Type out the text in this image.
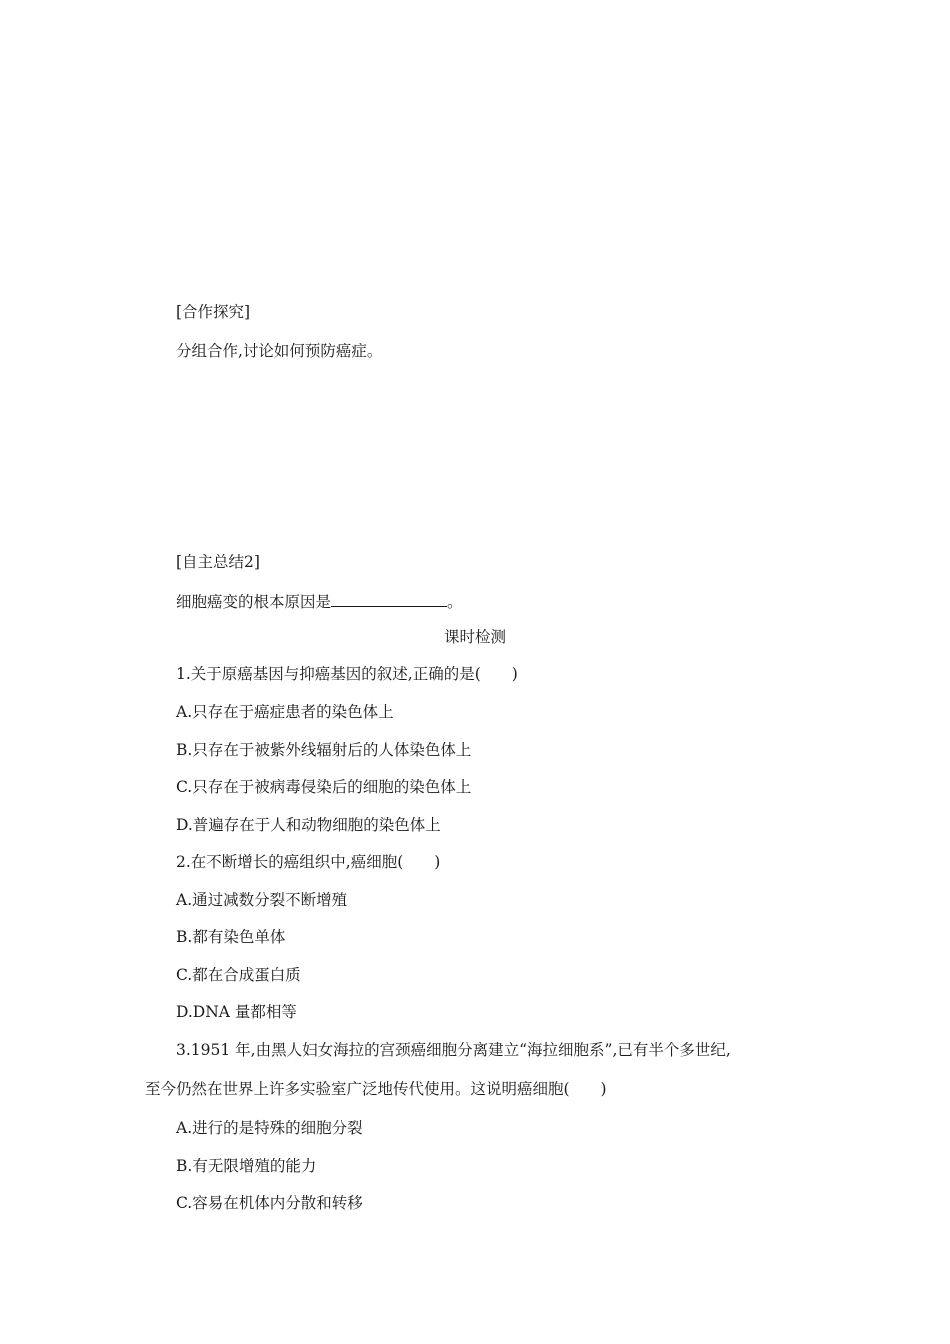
[合作探究]
分组合作,讨论如何预防癌症。
[自主总结2]
细胞癌变的根本原因是	。
课时检测
1.关于原癌基因与抑癌基因的叙述,正确的是(　　)
A.只存在于癌症患者的染色体上
B.只存在于被紫外线辐射后的人体染色体上
C.只存在于被病毒侵染后的细胞的染色体上
D.普遍存在于人和动物细胞的染色体上
2.在不断增长的癌组织中,癌细胞(　　)
A.通过减数分裂不断增殖
B.都有染色单体
C.都在合成蛋白质
D.DNA 量都相等
3.1951 年,由黑人妇女海拉的宫颈癌细胞分离建立“海拉细胞系”,已有半个多世纪,
至今仍然在世界上许多实验室广泛地传代使用。这说明癌细胞(　　)
A.进行的是特殊的细胞分裂
B.有无限增殖的能力
C.容易在机体内分散和转移
